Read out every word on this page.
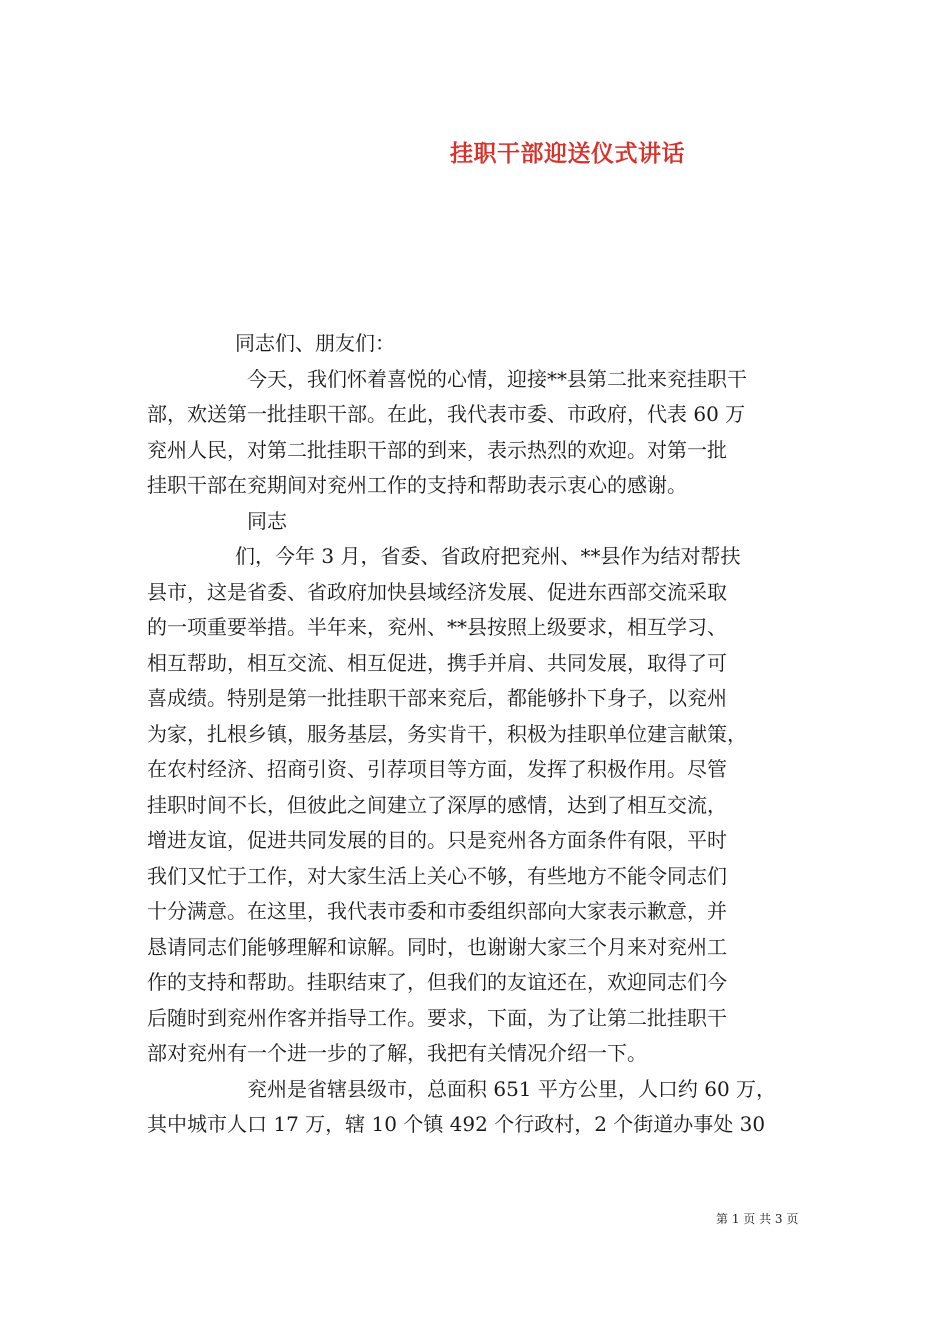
挂职干部迎送仪式讲话
同志们、朋友们：
今天，我们怀着喜悦的心情，迎接**县第二批来兖挂职干
部，欢送第一批挂职干部。在此，我代表市委、市政府，代表 60 万
兖州人民，对第二批挂职干部的到来，表示热烈的欢迎。对第一批
挂职干部在兖期间对兖州工作的支持和帮助表示衷心的感谢。
同志
们，今年 3 月，省委、省政府把兖州、**县作为结对帮扶
县市，这是省委、省政府加快县域经济发展、促进东西部交流采取
的一项重要举措。半年来，兖州、**县按照上级要求，相互学习、
相互帮助，相互交流、相互促进，携手并肩、共同发展，取得了可
喜成绩。特别是第一批挂职干部来兖后，都能够扑下身子，以兖州
为家，扎根乡镇，服务基层，务实肯干，积极为挂职单位建言献策，
在农村经济、招商引资、引荐项目等方面，发挥了积极作用。尽管
挂职时间不长，但彼此之间建立了深厚的感情，达到了相互交流，
增进友谊，促进共同发展的目的。只是兖州各方面条件有限，平时
我们又忙于工作，对大家生活上关心不够，有些地方不能令同志们
十分满意。在这里，我代表市委和市委组织部向大家表示歉意，并
恳请同志们能够理解和谅解。同时，也谢谢大家三个月来对兖州工
作的支持和帮助。挂职结束了，但我们的友谊还在，欢迎同志们今
后随时到兖州作客并指导工作。要求，下面，为了让第二批挂职干
部对兖州有一个进一步的了解，我把有关情况介绍一下。
兖州是省辖县级市，总面积 651 平方公里，人口约 60 万，
其中城市人口 17 万，辖 10 个镇 492 个行政村，2 个街道办事处 30
第 1 页 共 3 页
